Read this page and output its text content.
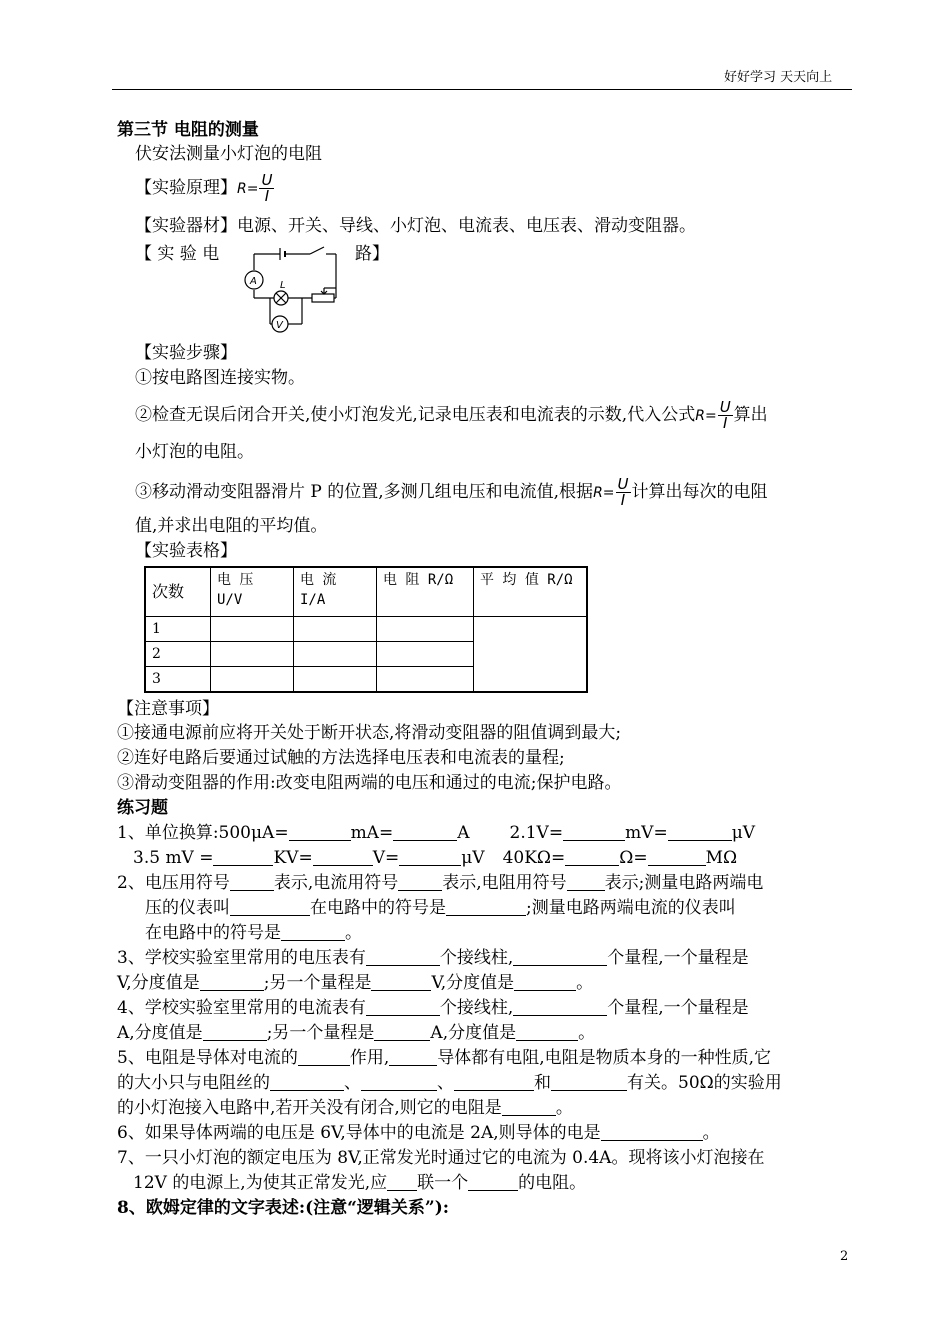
好好学习 天天向上
第三节 电阻的测量
伏安法测量小灯泡的电阻
【实验原理】$R= \frac{U}{I}$
【实验器材】电源、开关、导线、小灯泡、电流表、电压表、滑动变阻器。
【 实 验 电	路】
A L
V
【实验步骤】
①按电路图连接实物。
②检查无误后闭合开关,使小灯泡发光,记录电压表和电流表的示数,代入公式$R= \frac{U}{I}$ 算出
小灯泡的电阻。
③移动滑动变阻器滑片 P 的位置,多测几组电压和电流值,根据$R= \frac{U}{I}$ 计算出每次的电阻
值,并求出电阻的平均值。
【实验表格】
次数	电 压 U/V	电 流 I/A	电 阻 R/Ω	平 均 值 R/Ω
1				
2				
3				
【注意事项】
①接通电源前应将开关处于断开状态,将滑动变阻器的阻值调到最大;
②连好电路后要通过试触的方法选择电压表和电流表的量程;
③滑动变阻器的作用:改变电阻两端的电压和通过的电流;保护电路。
练习题
1、单位换算:500μA=	mA=	A 2.1V=	mV=	μV
3.5 mV =	KV=	V=	μV 40KΩ=	Ω=	MΩ
2、电压用符号	表示,电流用符号	表示,电阻用符号 表示;测量电路两端电
压的仪表叫	在电路中的符号是	;测量电路两端电流的仪表叫
在电路中的符号是	。
3、学校实验室里常用的电压表有	个接线柱,	个量程,一个量程是
V,分度值是	;另一个量程是	V,分度值是	。
4、学校实验室里常用的电流表有	个接线柱,	个量程,一个量程是
A,分度值是	;另一个量程是	A,分度值是	。
5、电阻是导体对电流的	作用,	导体都有电阻,电阻是物质本身的一种性质,它
的大小只与电阻丝的	、	、	和	有关。50Ω的实验用
的小灯泡接入电路中,若开关没有闭合,则它的电阻是	。
6、如果导体两端的电压是 6V,导体中的电流是 2A,则导体的电是	。
7、一只小灯泡的额定电压为 8V,正常发光时通过它的电流为 0.4A。现将该小灯泡接在
12V 的电源上,为使其正常发光,应 联一个	的电阻。
8、欧姆定律的文字表述:(注意“逻辑关系”):
2
